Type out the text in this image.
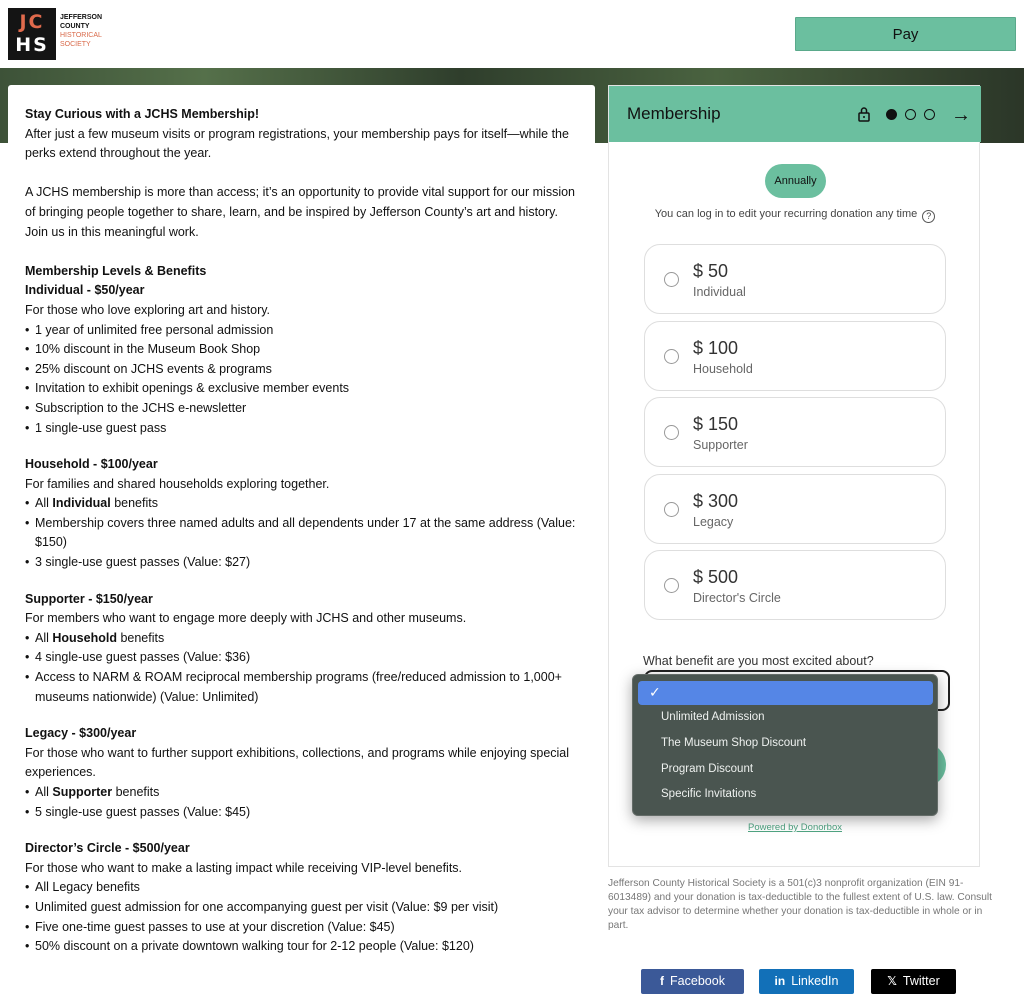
JC
HS
JEFFERSON
COUNTY
HISTORICAL
SOCIETY
Pay

Stay Curious with a JCHS Membership!

After just a few museum visits or program registrations, your membership pays for itself—while the perks extend throughout the year.

A JCHS membership is more than access; it’s an opportunity to provide vital support for our mission of bringing people together to share, learn, and be inspired by Jefferson County’s art and history.

Join us in this meaningful work.

Membership Levels & Benefits

Individual - $50/year

For those who love exploring art and history.

• 1 year of unlimited free personal admission
• 10% discount in the Museum Book Shop
• 25% discount on JCHS events & programs
• Invitation to exhibit openings & exclusive member events
• Subscription to the JCHS e-newsletter
• 1 single-use guest pass

Household - $100/year

For families and shared households exploring together.

• All Individual benefits
• Membership covers three named adults and all dependents under 17 at the same address (Value: $150)
• 3 single-use guest passes (Value: $27)

Supporter - $150/year

For members who want to engage more deeply with JCHS and other museums.

• All Household benefits
• 4 single-use guest passes (Value: $36)
• Access to NARM & ROAM reciprocal membership programs (free/reduced admission to 1,000+ museums nationwide) (Value: Unlimited)

Legacy - $300/year

For those who want to further support exhibitions, collections, and programs while enjoying special experiences.

• All Supporter benefits
• 5 single-use guest passes (Value: $45)

Director’s Circle - $500/year

For those who want to make a lasting impact while receiving VIP-level benefits.

• All Legacy benefits
• Unlimited guest admission for one accompanying guest per visit (Value: $9 per visit)
• Five one-time guest passes to use at your discretion (Value: $45)
• 50% discount on a private downtown walking tour for 2-12 people (Value: $120)
Membership	→
Annually
You can log in to edit your recurring donation any time ?
$ 50
Individual
$ 100
Household
$ 150
Supporter
$ 300
Legacy
$ 500
Director's Circle
What benefit are you most excited about?
Powered by Donorbox
✓
Unlimited Admission
The Museum Shop Discount
Program Discount
Specific Invitations
Jefferson County Historical Society is a 501(c)3 nonprofit organization (EIN 91-6013489) and your donation is tax-deductible to the fullest extent of U.S. law. Consult your tax advisor to determine whether your donation is tax-deductible in whole or in part.
f Facebook	in LinkedIn	𝕏 Twitter
